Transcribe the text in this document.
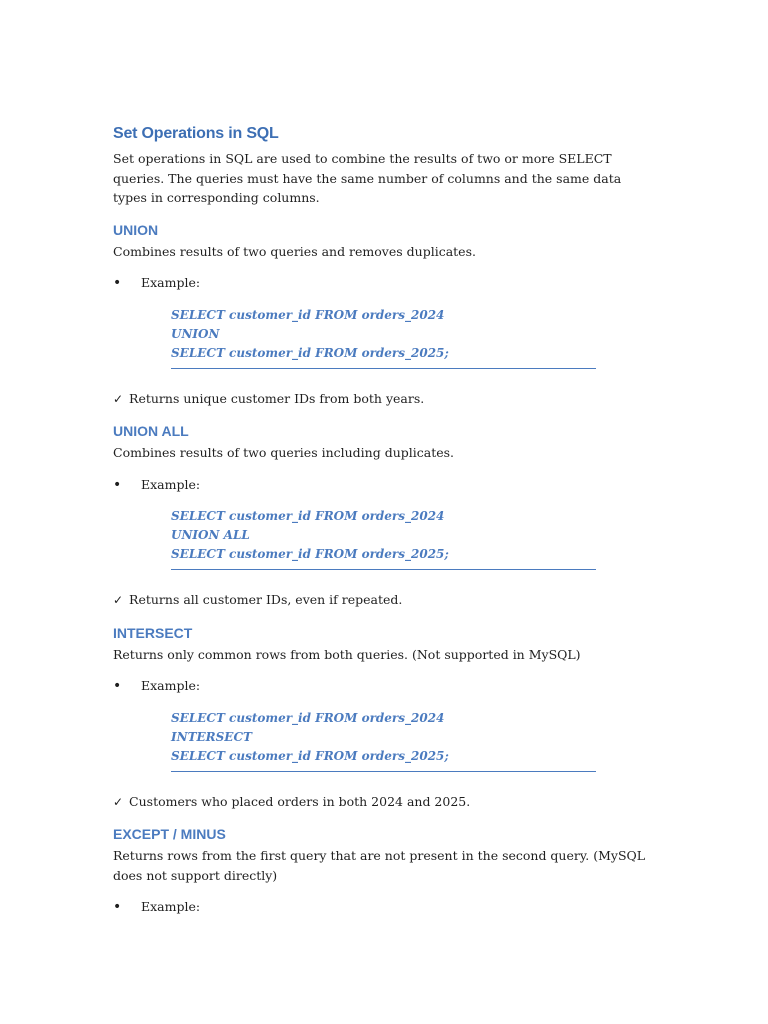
Set Operations in SQL

Set operations in SQL are used to combine the results of two or more SELECT queries. The queries must have the same number of columns and the same data types in corresponding columns.

UNION

Combines results of two queries and removes duplicates.

•	Example:
SELECT customer_id FROM orders_2024
UNION
SELECT customer_id FROM orders_2025;
✓ Returns unique customer IDs from both years.
UNION ALL

Combines results of two queries including duplicates.

•	Example:
SELECT customer_id FROM orders_2024
UNION ALL
SELECT customer_id FROM orders_2025;
✓ Returns all customer IDs, even if repeated.
INTERSECT

Returns only common rows from both queries. (Not supported in MySQL)

•	Example:
SELECT customer_id FROM orders_2024
INTERSECT
SELECT customer_id FROM orders_2025;
✓ Customers who placed orders in both 2024 and 2025.
EXCEPT / MINUS

Returns rows from the first query that are not present in the second query. (MySQL does not support directly)

•	Example:
